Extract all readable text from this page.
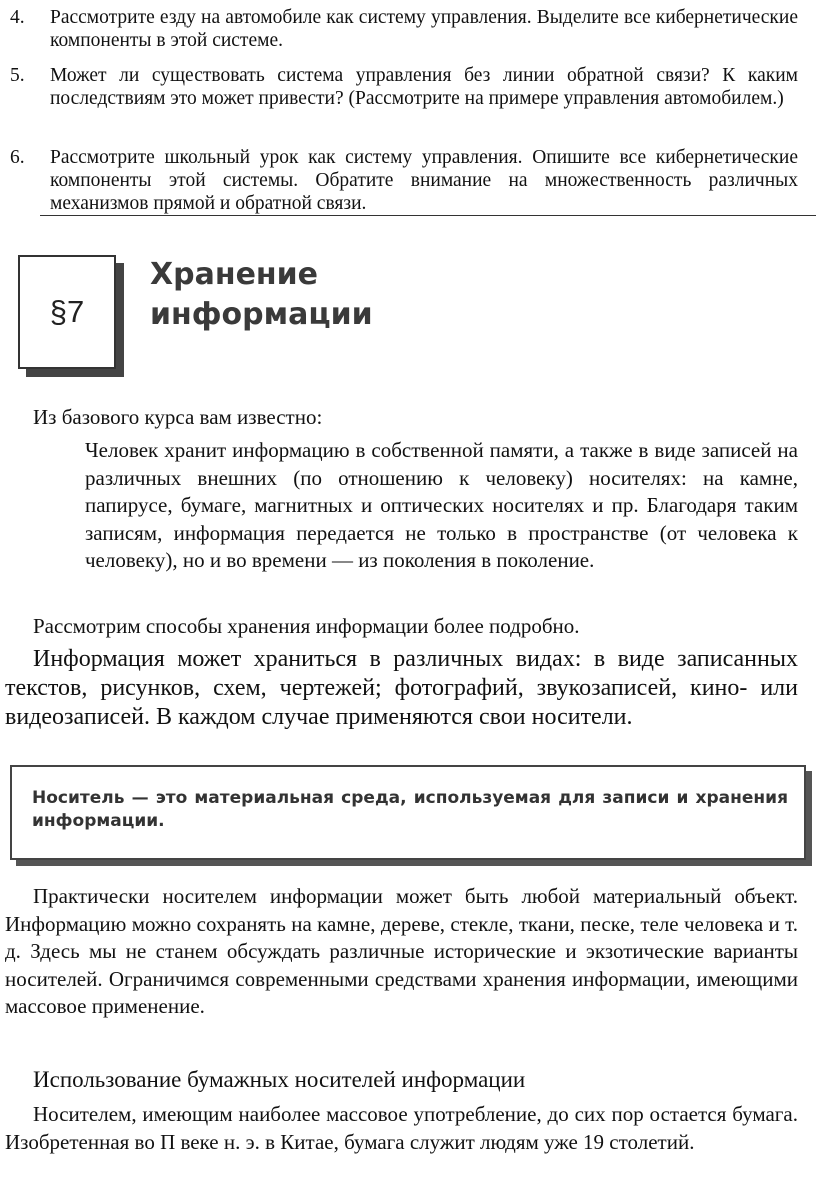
4. Рассмотрите езду на автомобиле как систему управления. Выделите все кибернетические компоненты в этой системе.
5. Может ли существовать система управления без линии обратной связи? К каким последствиям это может привести? (Рассмотрите на примере управления автомобилем.)
6. Рассмотрите школьный урок как систему управления. Опишите все кибернетические компоненты этой системы. Обратите внимание на множественность различных механизмов прямой и обратной связи.
§7
Хранение
информации
Из базового курса вам известно:
Человек хранит информацию в собственной памяти, а также в виде записей на различных внешних (по отношению к человеку) носителях: на камне, папирусе, бумаге, магнитных и оптических носителях и пр. Благодаря таким записям, информация передается не только в пространстве (от человека к человеку), но и во времени — из поколения в поколение.
Рассмотрим способы хранения информации более подробно.
Информация может храниться в различных видах: в виде записанных текстов, рисунков, схем, чертежей; фотографий, звукозаписей, кино- или видеозаписей. В каждом случае применяются свои носители.
Носитель — это материальная среда, используемая для записи и хранения информации.
Практически носителем информации может быть любой материальный объект. Информацию можно сохранять на камне, дереве, стекле, ткани, песке, теле человека и т. д. Здесь мы не станем обсуждать различные исторические и экзотические варианты носителей. Ограничимся современными средствами хранения информации, имеющими массовое применение.
Использование бумажных носителей информации
Носителем, имеющим наиболее массовое употребление, до сих пор остается бумага. Изобретенная во П веке н. э. в Китае, бумага служит людям уже 19 столетий.
